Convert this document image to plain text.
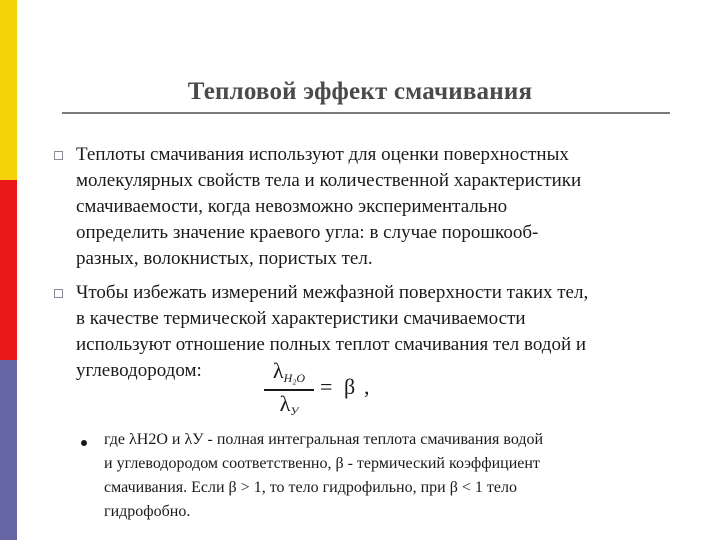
Тепловой эффект смачивания
Теплоты смачивания используют для оценки поверхностных
молекулярных свойств тела и количественной характеристики
смачиваемости, когда невозможно экспериментально
определить значение краевого угла: в случае порошкооб-
разных, волокнистых, пористых тел.
Чтобы избежать измерений межфазной поверхности таких тел,
в качестве термической характеристики смачиваемости
используют отношение полных теплот смачивания тел водой и
углеводородом:	$\lambda_{H_2O}$
$\lambda_У$
= β ,
где λH2O и λУ - полная интегральная теплота смачивания водой
и углеводородом соответственно, β - термический коэффициент
смачивания. Если β > 1, то тело гидрофильно, при β < 1 тело
гидрофобно.
